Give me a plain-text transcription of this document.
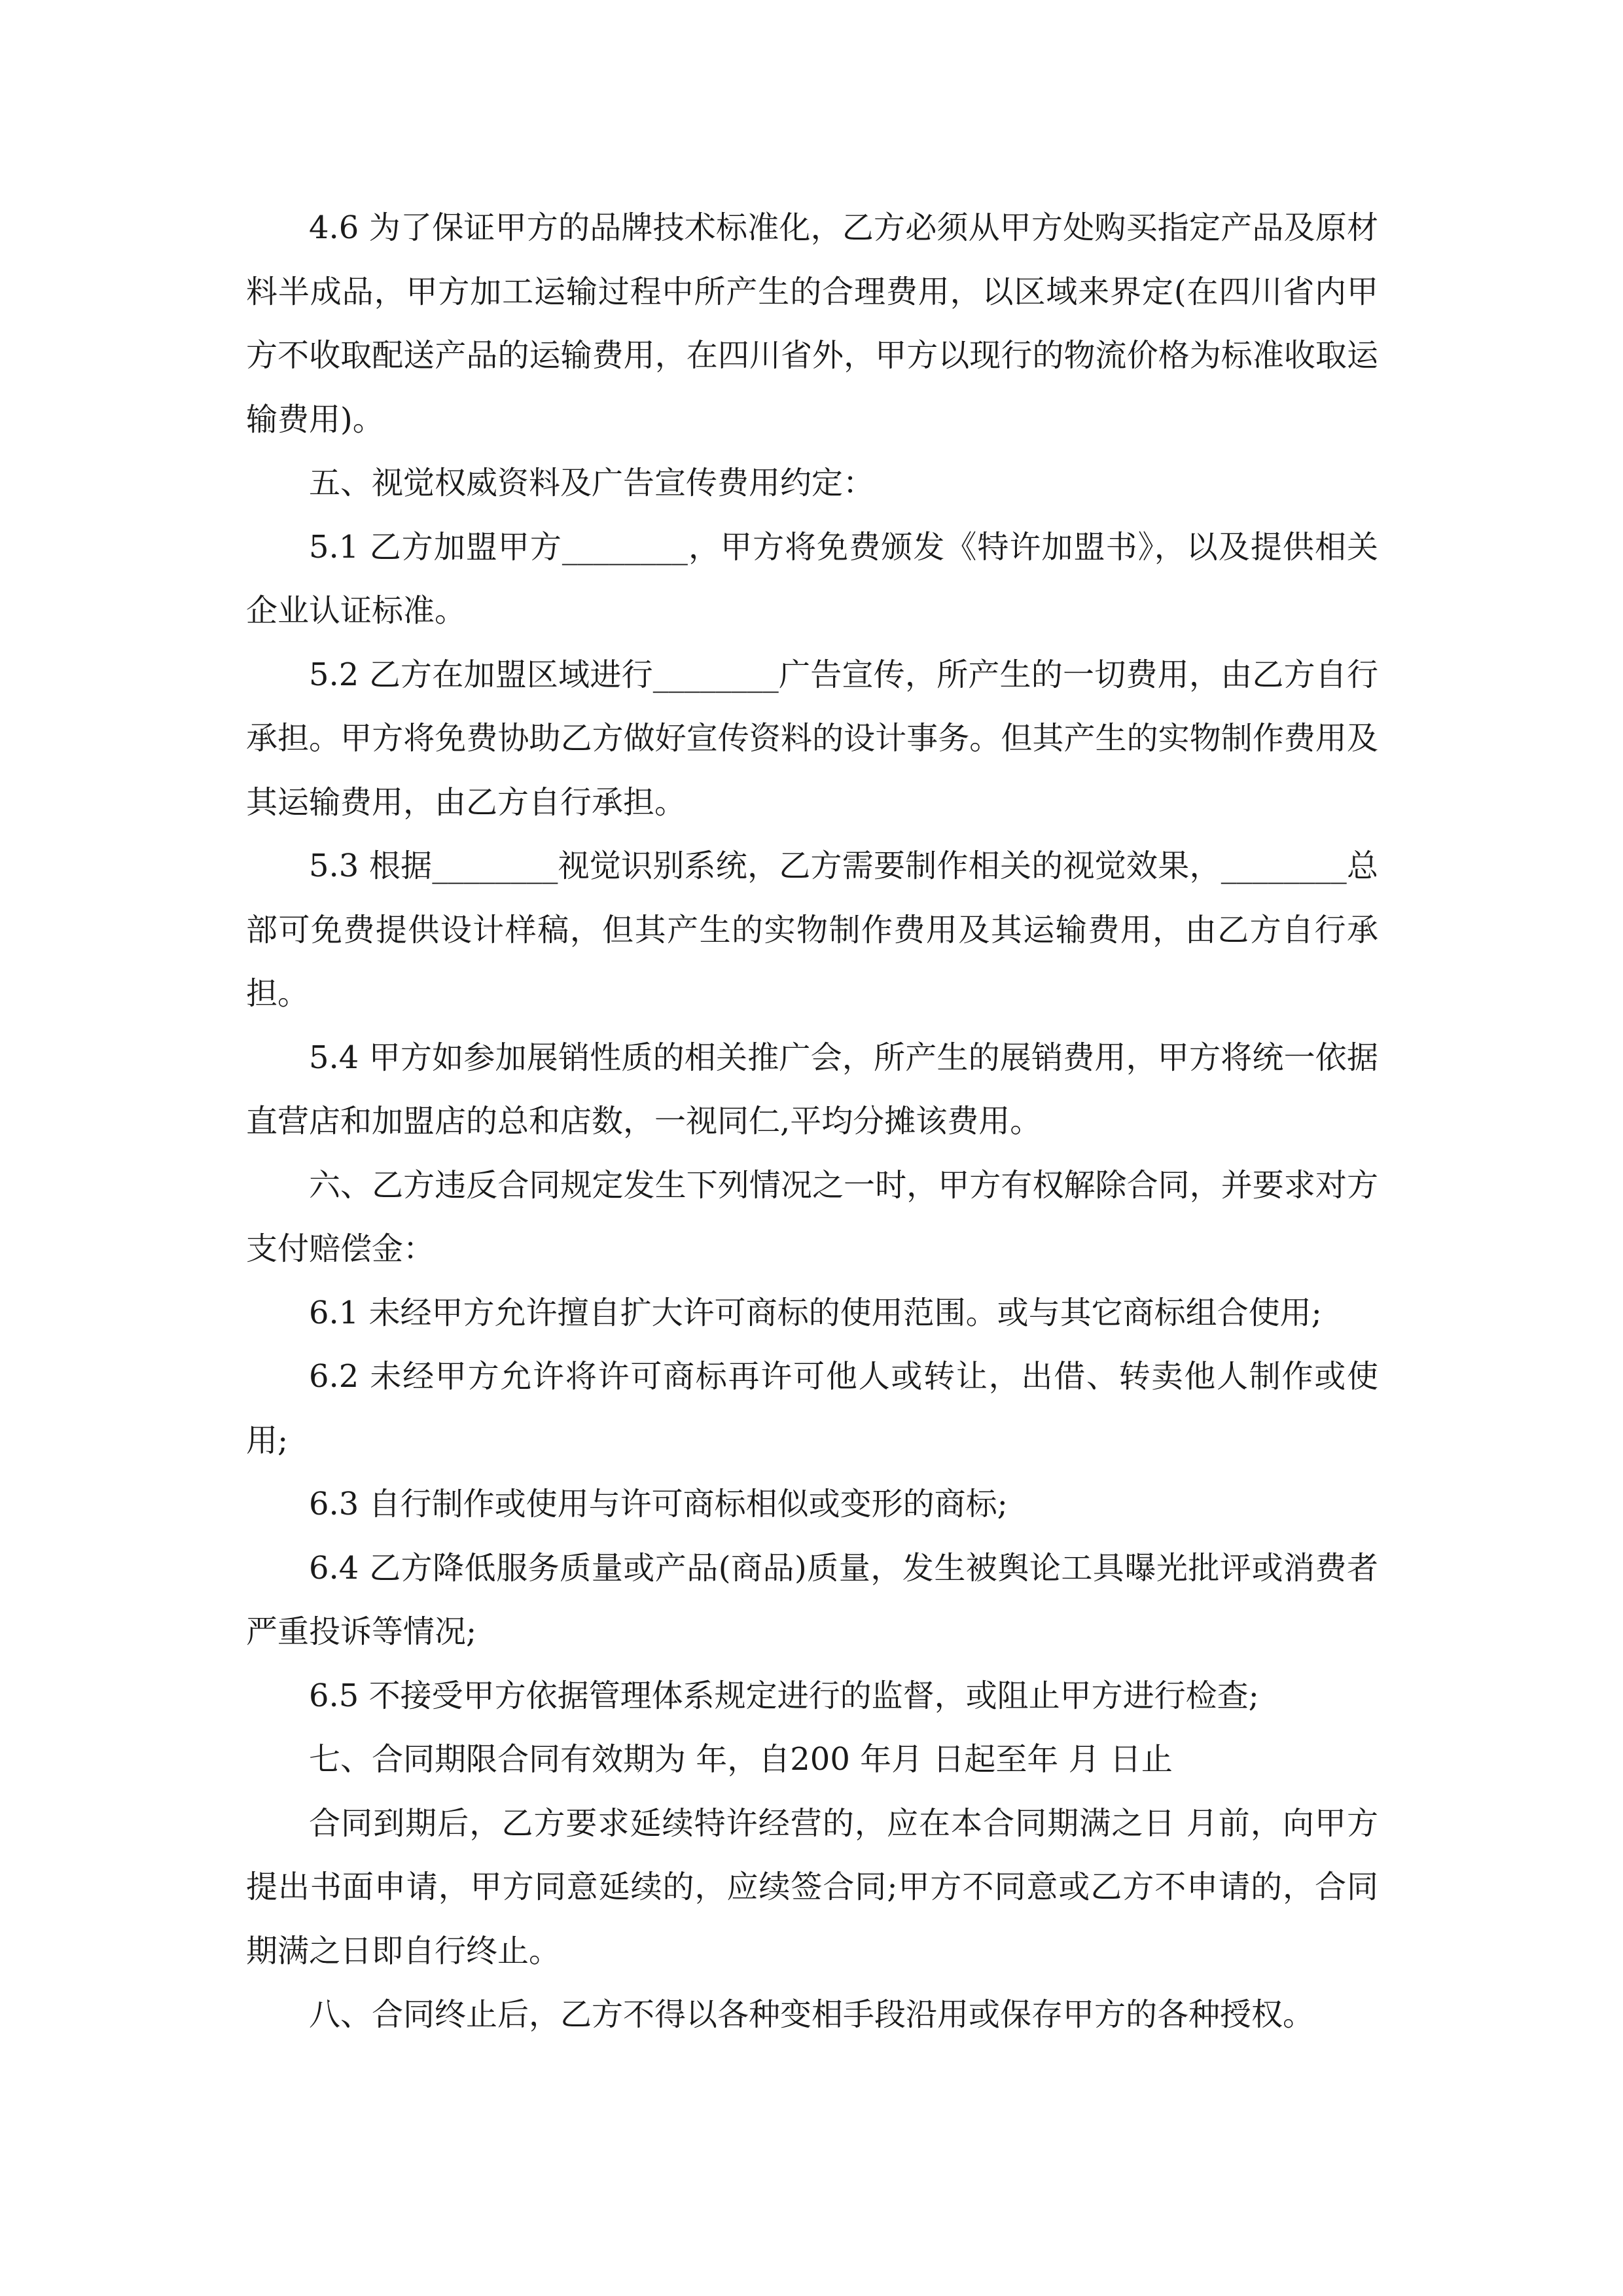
4.6 为了保证甲方的品牌技术标准化，乙方必须从甲方处购买指定产品及原材料半成品，甲方加工运输过程中所产生的合理费用，以区域来界定(在四川省内甲方不收取配送产品的运输费用，在四川省外，甲方以现行的物流价格为标准收取运输费用)。

五、视觉权威资料及广告宣传费用约定：

5.1 乙方加盟甲方________，甲方将免费颁发《特许加盟书》，以及提供相关企业认证标准。

5.2 乙方在加盟区域进行________广告宣传，所产生的一切费用，由乙方自行承担。甲方将免费协助乙方做好宣传资料的设计事务。但其产生的实物制作费用及其运输费用，由乙方自行承担。

5.3 根据________视觉识别系统，乙方需要制作相关的视觉效果，________总部可免费提供设计样稿，但其产生的实物制作费用及其运输费用，由乙方自行承担。

5.4 甲方如参加展销性质的相关推广会，所产生的展销费用，甲方将统一依据直营店和加盟店的总和店数，一视同仁,平均分摊该费用。

六、乙方违反合同规定发生下列情况之一时，甲方有权解除合同，并要求对方支付赔偿金：

6.1 未经甲方允许擅自扩大许可商标的使用范围。或与其它商标组合使用;

6.2 未经甲方允许将许可商标再许可他人或转让，出借、转卖他人制作或使用;

6.3 自行制作或使用与许可商标相似或变形的商标;

6.4 乙方降低服务质量或产品(商品)质量，发生被舆论工具曝光批评或消费者严重投诉等情况;

6.5 不接受甲方依据管理体系规定进行的监督，或阻止甲方进行检查;

七、合同期限合同有效期为 年，自200 年月 日起至年 月 日止

合同到期后，乙方要求延续特许经营的，应在本合同期满之日 月前，向甲方提出书面申请，甲方同意延续的，应续签合同;甲方不同意或乙方不申请的，合同期满之日即自行终止。

八、合同终止后，乙方不得以各种变相手段沿用或保存甲方的各种授权。
